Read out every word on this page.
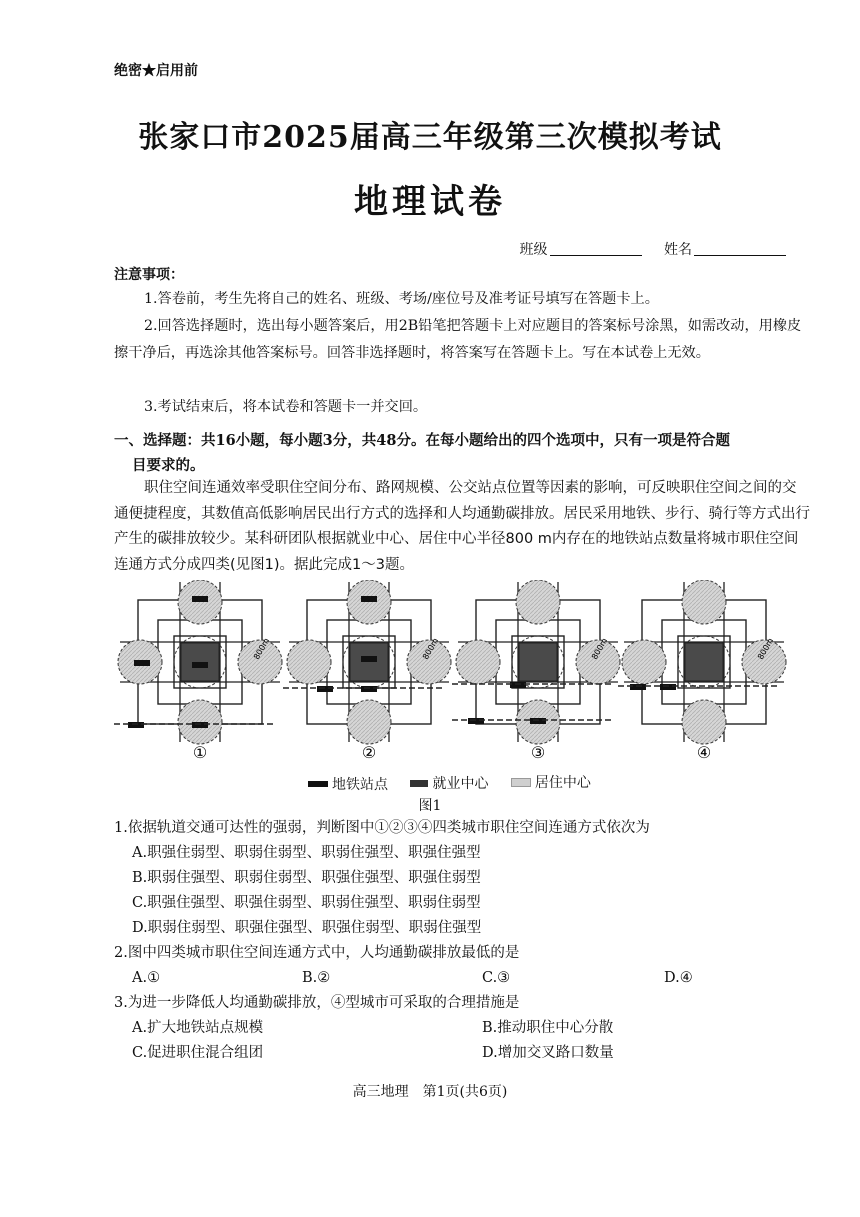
绝密★启用前
张家口市2025届高三年级第三次模拟考试
地理试卷
班级	姓名
注意事项：
1.答卷前，考生先将自己的姓名、班级、考场/座位号及准考证号填写在答题卡上。
2.回答选择题时，选出每小题答案后，用2B铅笔把答题卡上对应题目的答案标号涂黑，如需改动，用橡皮擦干净后，再选涂其他答案标号。回答非选择题时，将答案写在答题卡上。写在本试卷上无效。
3.考试结束后，将本试卷和答题卡一并交回。
一、选择题：共16小题，每小题3分，共48分。在每小题给出的四个选项中，只有一项是符合题
目要求的。
职住空间连通效率受职住空间分布、路网规模、公交站点位置等因素的影响，可反映职住空间之间的交通便捷程度，其数值高低影响居民出行方式的选择和人均通勤碳排放。居民采用地铁、步行、骑行等方式出行产生的碳排放较少。某科研团队根据就业中心、居住中心半径800 m内存在的地铁站点数量将城市职住空间连通方式分成四类(见图1)。据此完成1～3题。
800m
①
800m
②
800m
③
800m
④
地铁站点
	就业中心
	居住中心
图1
1.依据轨道交通可达性的强弱，判断图中①②③④四类城市职住空间连通方式依次为
A.职强住弱型、职弱住弱型、职弱住强型、职强住强型
B.职弱住强型、职弱住弱型、职强住强型、职强住弱型
C.职强住强型、职强住弱型、职弱住强型、职弱住弱型
D.职弱住弱型、职强住强型、职强住弱型、职弱住强型
2.图中四类城市职住空间连通方式中，人均通勤碳排放最低的是
A.①	B.②	C.③	D.④
3.为进一步降低人均通勤碳排放，④型城市可采取的合理措施是
A.扩大地铁站点规模	B.推动职住中心分散
C.促进职住混合组团	D.增加交叉路口数量
高三地理　第1页(共6页)
